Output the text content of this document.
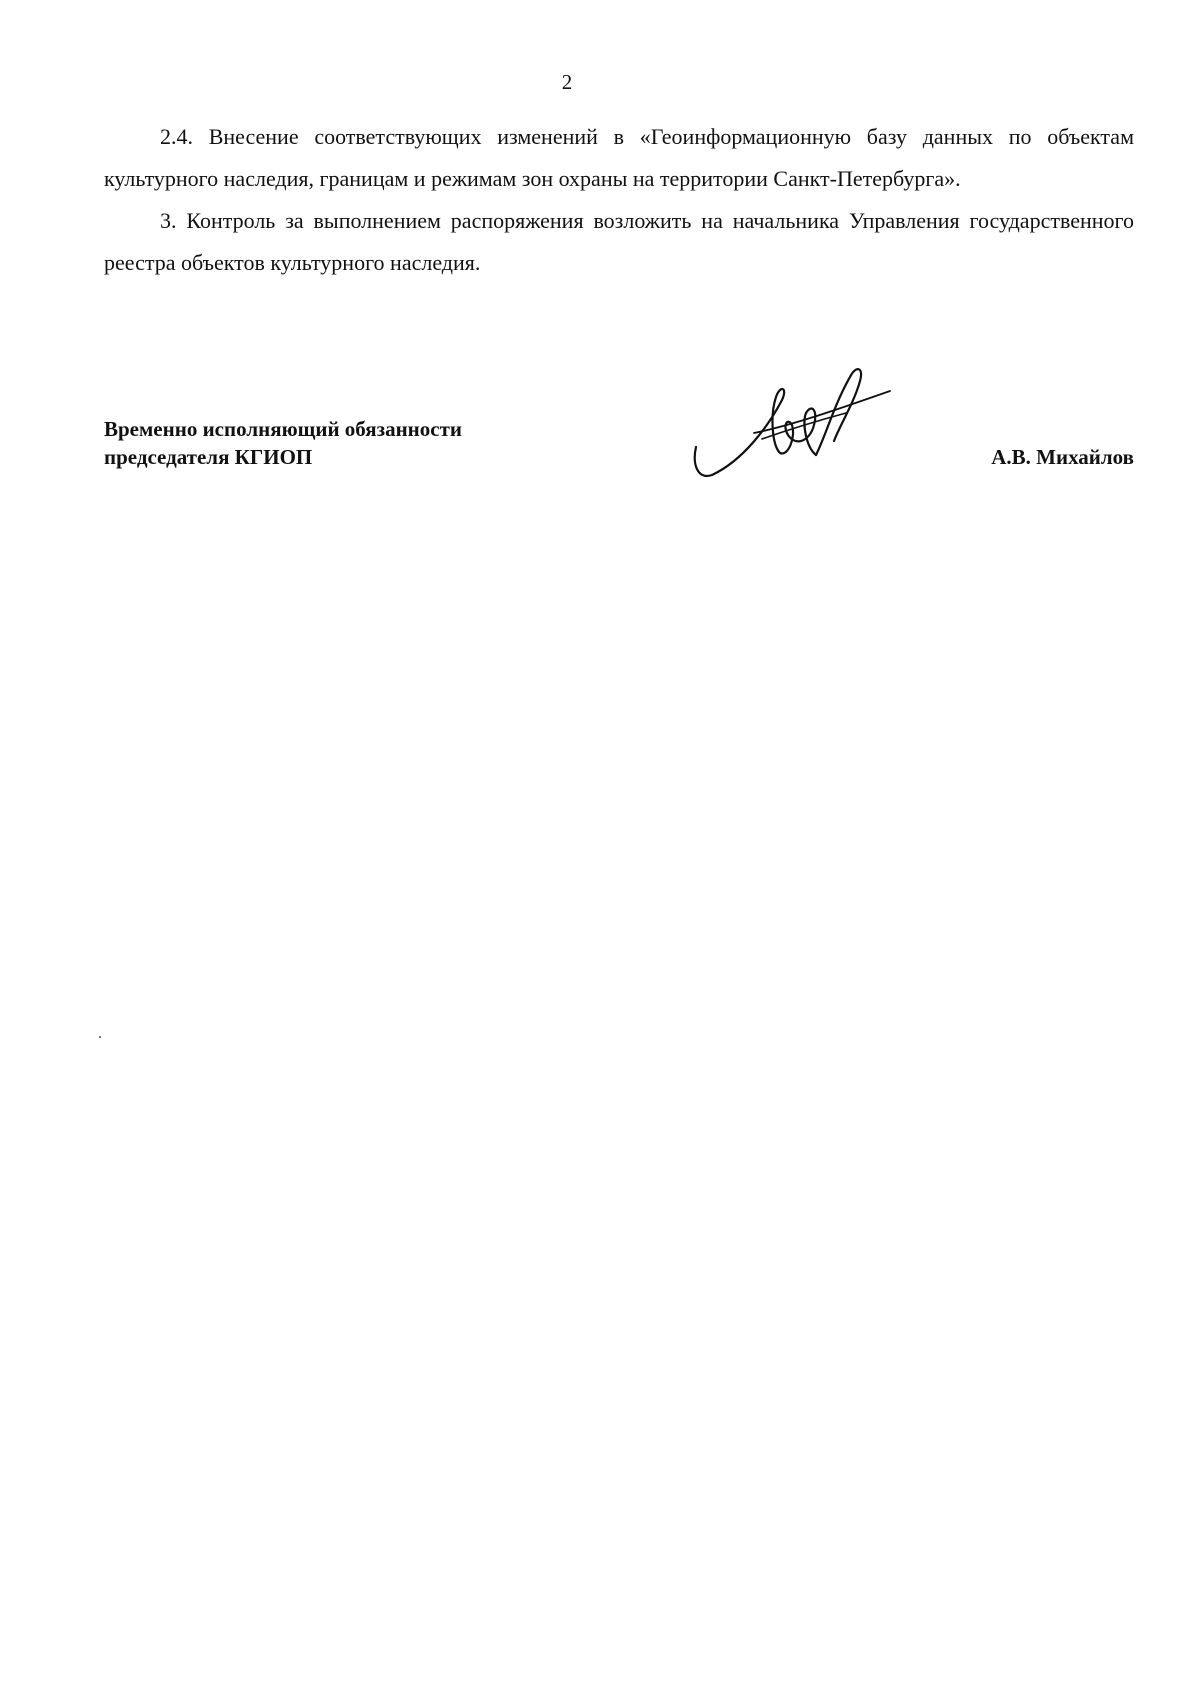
2

2.4. Внесение соответствующих изменений в «Геоинформационную базу данных по объектам культурного наследия, границам и режимам зон охраны на территории Санкт-Петербурга».

3. Контроль за выполнением распоряжения возложить на начальника Управления государственного реестра объектов культурного наследия.

Временно исполняющий обязанности
председателя КГИОП	А.В. Михайлов
